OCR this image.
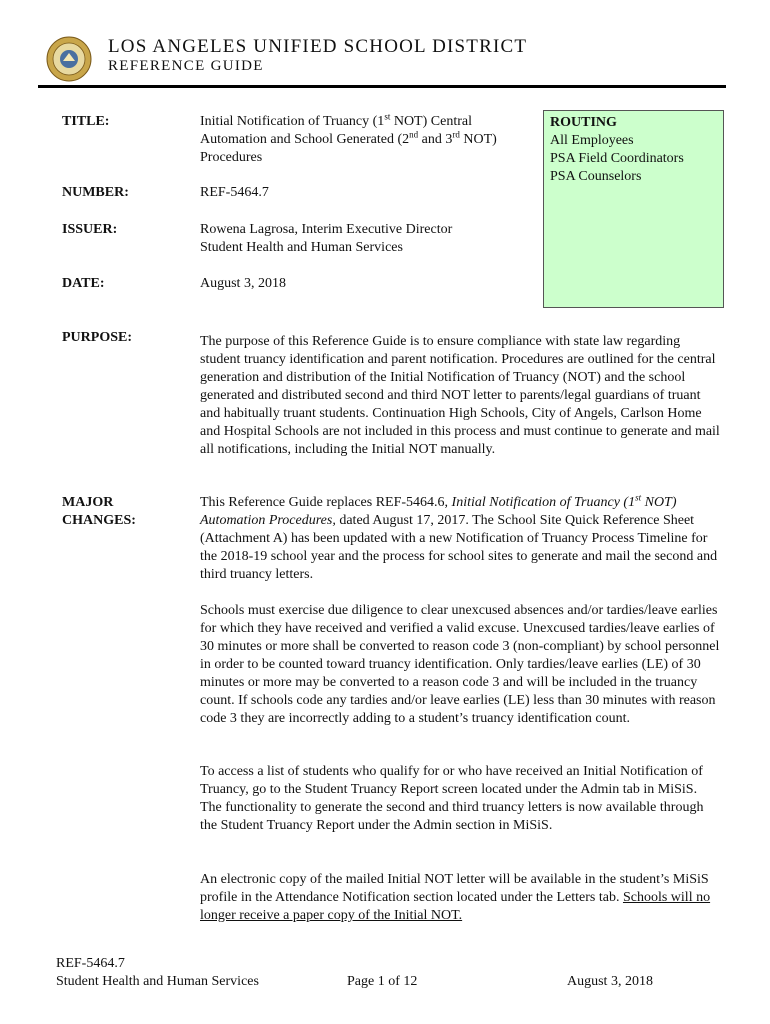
LOS ANGELES UNIFIED SCHOOL DISTRICT
REFERENCE GUIDE
TITLE:	Initial Notification of Truancy (1st NOT) Central
Automation and School Generated (2nd and 3rd NOT)
Procedures
ROUTING
All Employees
PSA Field Coordinators
PSA Counselors
NUMBER:	REF-5464.7
ISSUER:	Rowena Lagrosa, Interim Executive Director
Student Health and Human Services
DATE:	August 3, 2018
PURPOSE:	The purpose of this Reference Guide is to ensure compliance with state law regarding student truancy identification and parent notification. Procedures are outlined for the central generation and distribution of the Initial Notification of Truancy (NOT) and the school generated and distributed second and third NOT letter to parents/legal guardians of truant and habitually truant students. Continuation High Schools, City of Angels, Carlson Home and Hospital Schools are not included in this process and must continue to generate and mail all notifications, including the Initial NOT manually.

MAJOR
CHANGES:

This Reference Guide replaces REF-5464.6, Initial Notification of Truancy (1st NOT) Automation Procedures, dated August 17, 2017. The School Site Quick Reference Sheet (Attachment A) has been updated with a new Notification of Truancy Process Timeline for the 2018-19 school year and the process for school sites to generate and mail the second and third truancy letters.

Schools must exercise due diligence to clear unexcused absences and/or tardies/leave earlies for which they have received and verified a valid excuse. Unexcused tardies/leave earlies of 30 minutes or more shall be converted to reason code 3 (non-compliant) by school personnel in order to be counted toward truancy identification. Only tardies/leave earlies (LE) of 30 minutes or more may be converted to a reason code 3 and will be included in the truancy count. If schools code any tardies and/or leave earlies (LE) less than 30 minutes with reason code 3 they are incorrectly adding to a student’s truancy identification count.

To access a list of students who qualify for or who have received an Initial Notification of Truancy, go to the Student Truancy Report screen located under the Admin tab in MiSiS. The functionality to generate the second and third truancy letters is now available through the Student Truancy Report under the Admin section in MiSiS.

An electronic copy of the mailed Initial NOT letter will be available in the student’s MiSiS profile in the Attendance Notification section located under the Letters tab. Schools will no longer receive a paper copy of the Initial NOT.

REF-5464.7
Student Health and Human Services	Page 1 of 12	August 3, 2018
